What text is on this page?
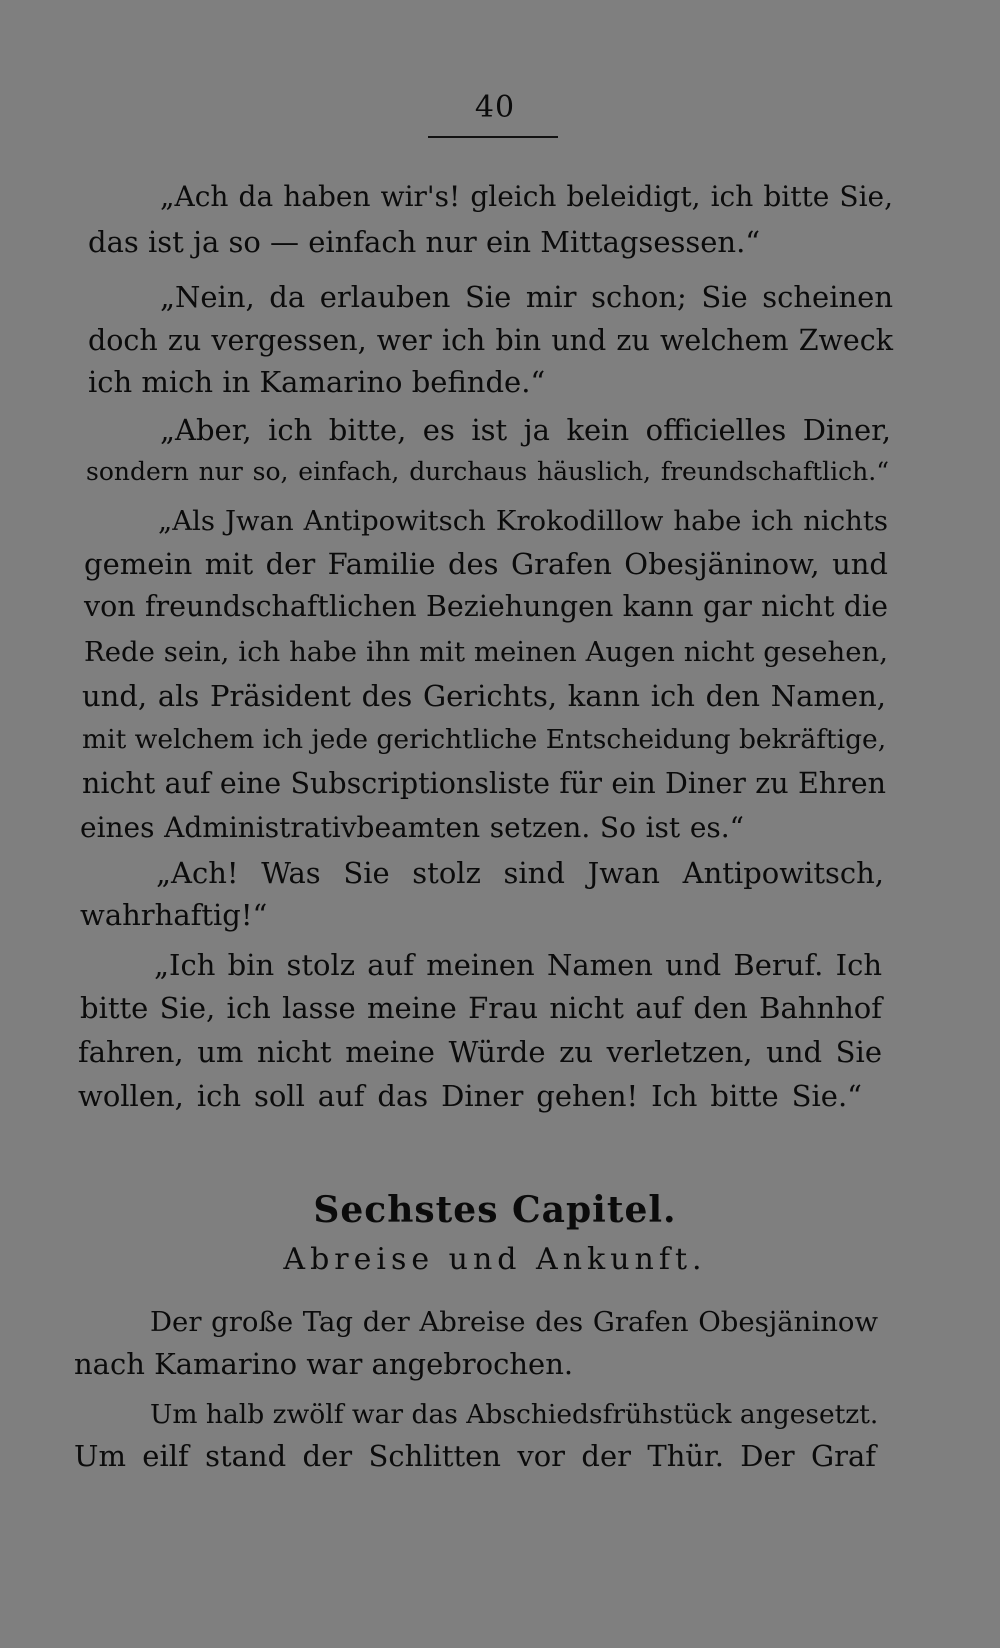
40
„Ach da haben wir's! gleich beleidigt, ich bitte Sie,
das ist ja so — einfach nur ein Mittagsessen.“
„Nein, da erlauben Sie mir schon; Sie scheinen
doch zu vergessen, wer ich bin und zu welchem Zweck
ich mich in Kamarino befinde.“
„Aber, ich bitte, es ist ja kein officielles Diner,
sondern nur so, einfach, durchaus häuslich, freundschaftlich.“
„Als Jwan Antipowitsch Krokodillow habe ich nichts
gemein mit der Familie des Grafen Obesjäninow, und
von freundschaftlichen Beziehungen kann gar nicht die
Rede sein, ich habe ihn mit meinen Augen nicht gesehen,
und, als Präsident des Gerichts, kann ich den Namen,
mit welchem ich jede gerichtliche Entscheidung bekräftige,
nicht auf eine Subscriptionsliste für ein Diner zu Ehren
eines Administrativbeamten setzen. So ist es.“
„Ach! Was Sie stolz sind Jwan Antipowitsch,
wahrhaftig!“
„Ich bin stolz auf meinen Namen und Beruf. Ich
bitte Sie, ich lasse meine Frau nicht auf den Bahnhof
fahren, um nicht meine Würde zu verletzen, und Sie
wollen, ich soll auf das Diner gehen! Ich bitte Sie.“
Sechstes Capitel.
Abreise und Ankunft.
Der große Tag der Abreise des Grafen Obesjäninow
nach Kamarino war angebrochen.
Um halb zwölf war das Abschiedsfrühstück angesetzt.
Um eilf stand der Schlitten vor der Thür. Der Graf
